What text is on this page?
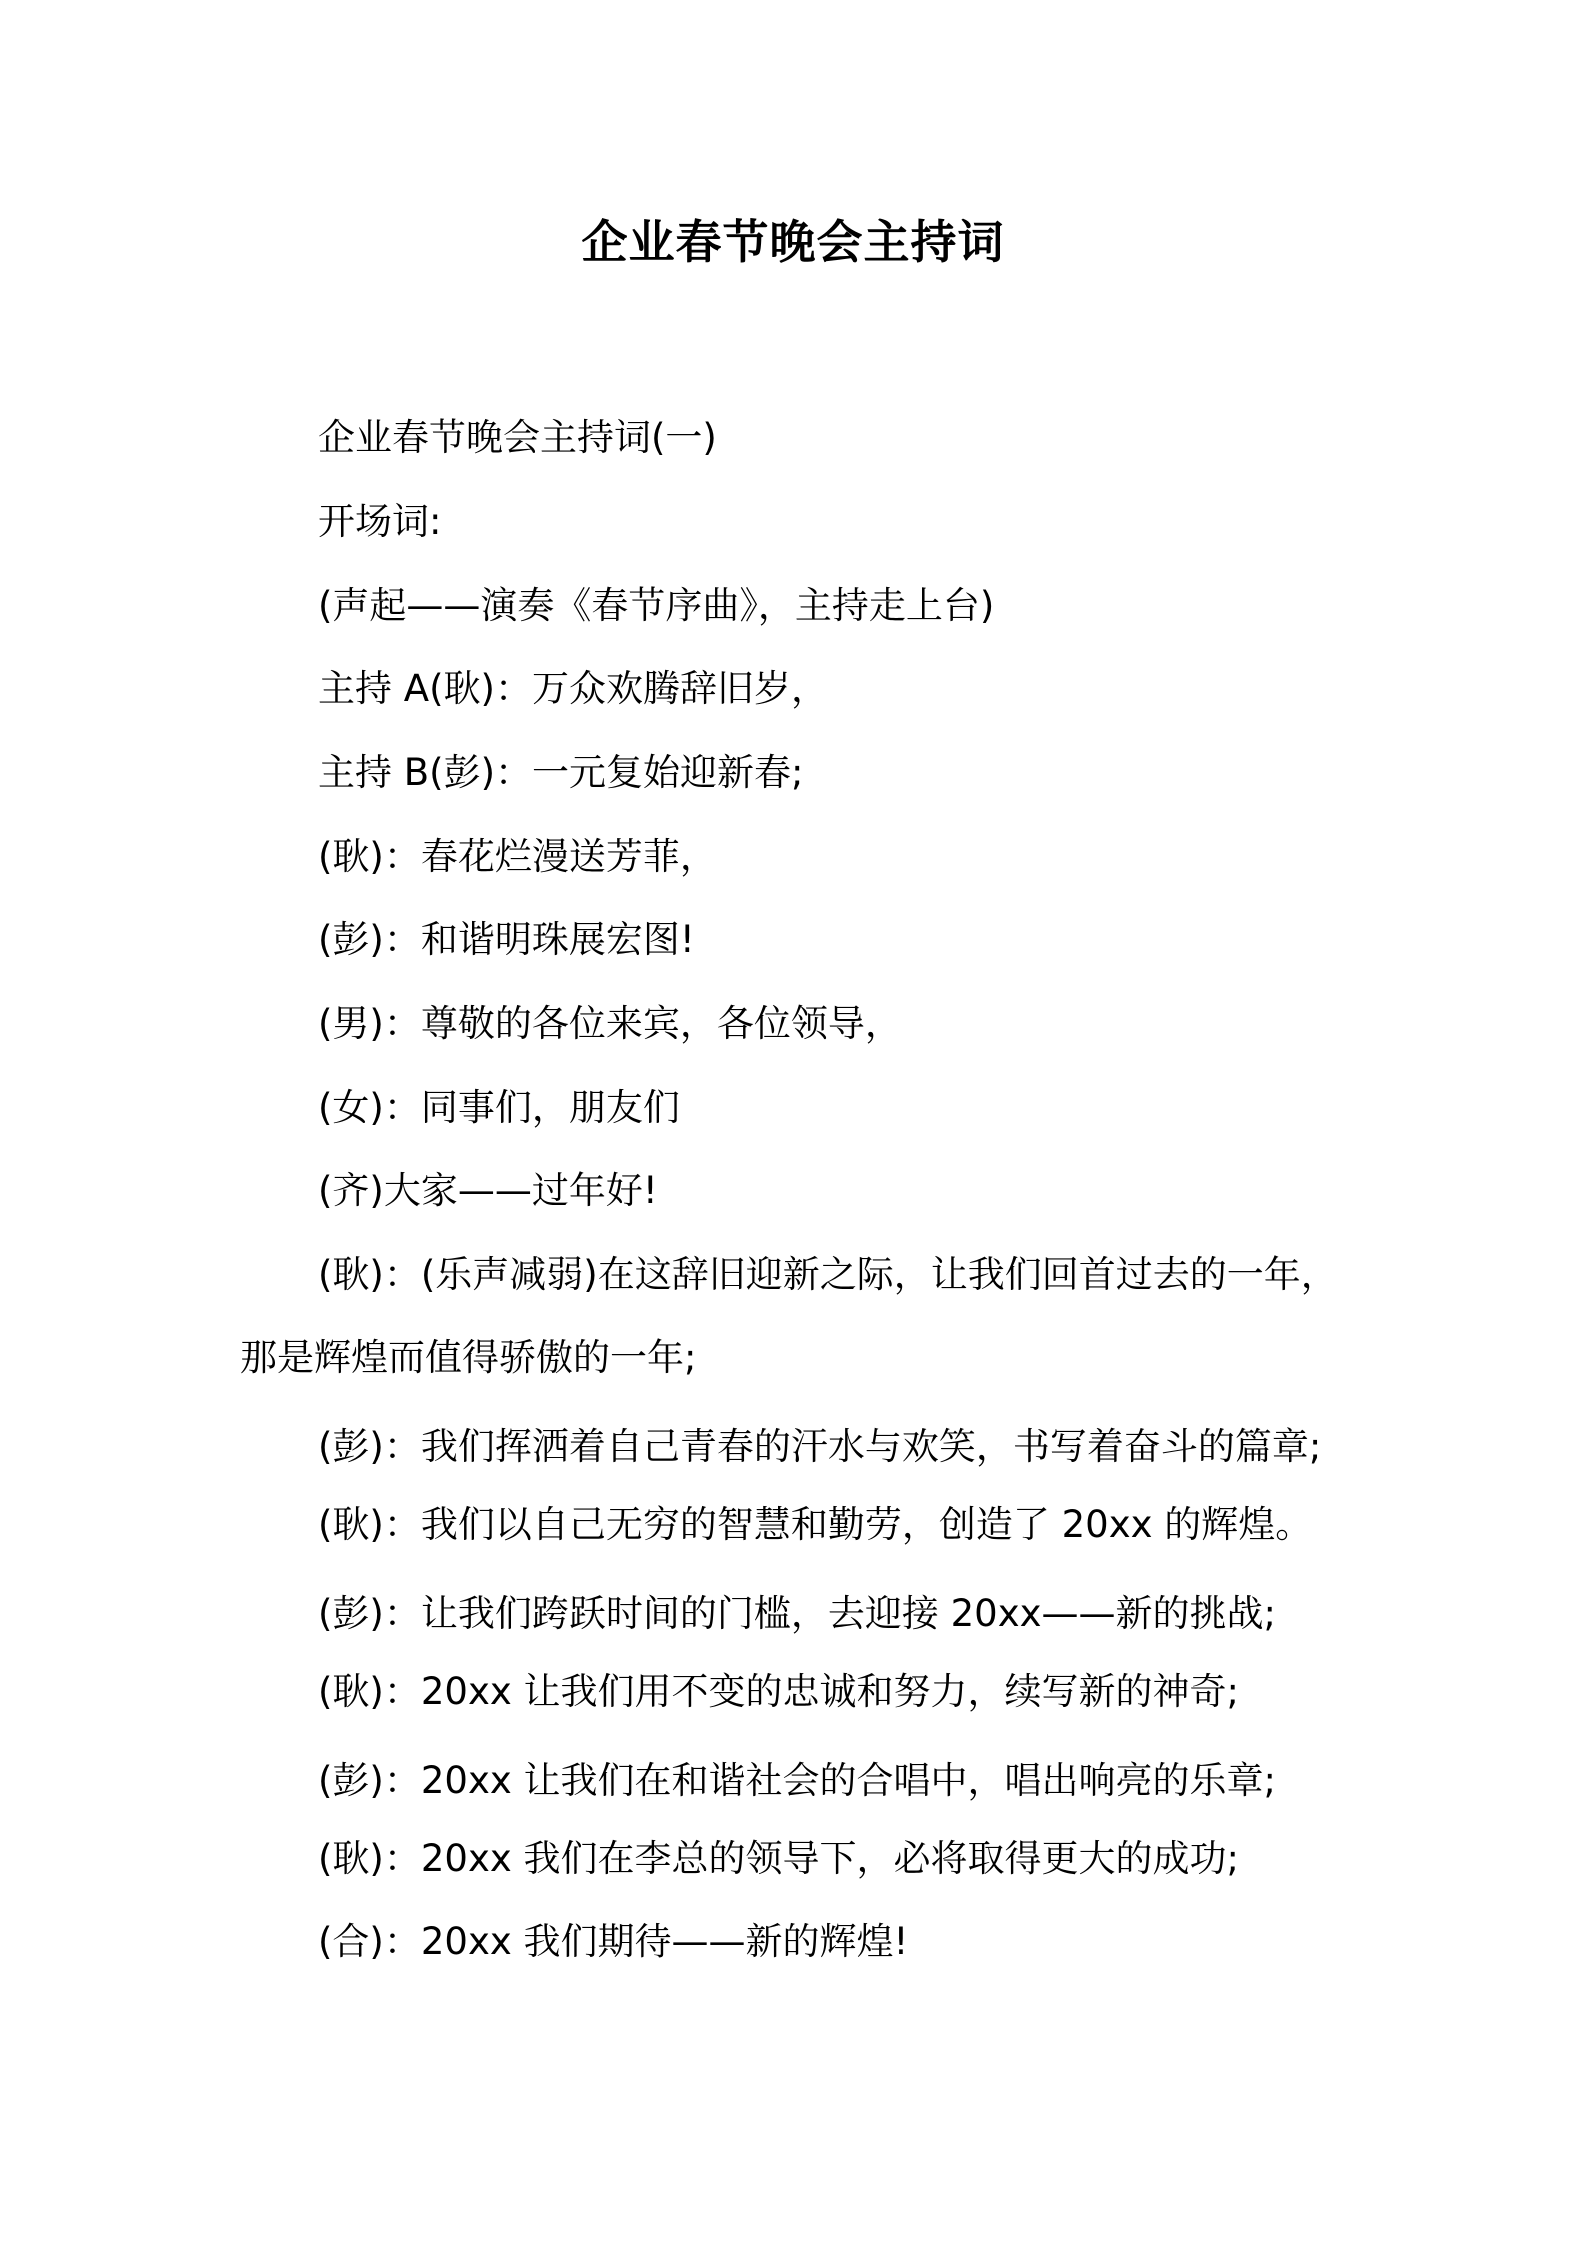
企业春节晚会主持词
企业春节晚会主持词(一)
开场词:
(声起——演奏《春节序曲》，主持走上台)
主持 A(耿)：万众欢腾辞旧岁，
主持 B(彭)：一元复始迎新春;
(耿)：春花烂漫送芳菲，
(彭)：和谐明珠展宏图!
(男)：尊敬的各位来宾，各位领导，
(女)：同事们，朋友们
(齐)大家——过年好!
(耿)：(乐声减弱)在这辞旧迎新之际，让我们回首过去的一年，
那是辉煌而值得骄傲的一年;
(彭)：我们挥洒着自己青春的汗水与欢笑，书写着奋斗的篇章;
(耿)：我们以自己无穷的智慧和勤劳，创造了 20xx 的辉煌。
(彭)：让我们跨跃时间的门槛，去迎接 20xx——新的挑战;
(耿)：20xx 让我们用不变的忠诚和努力，续写新的神奇;
(彭)：20xx 让我们在和谐社会的合唱中，唱出响亮的乐章;
(耿)：20xx 我们在李总的领导下，必将取得更大的成功;
(合)：20xx 我们期待——新的辉煌!
